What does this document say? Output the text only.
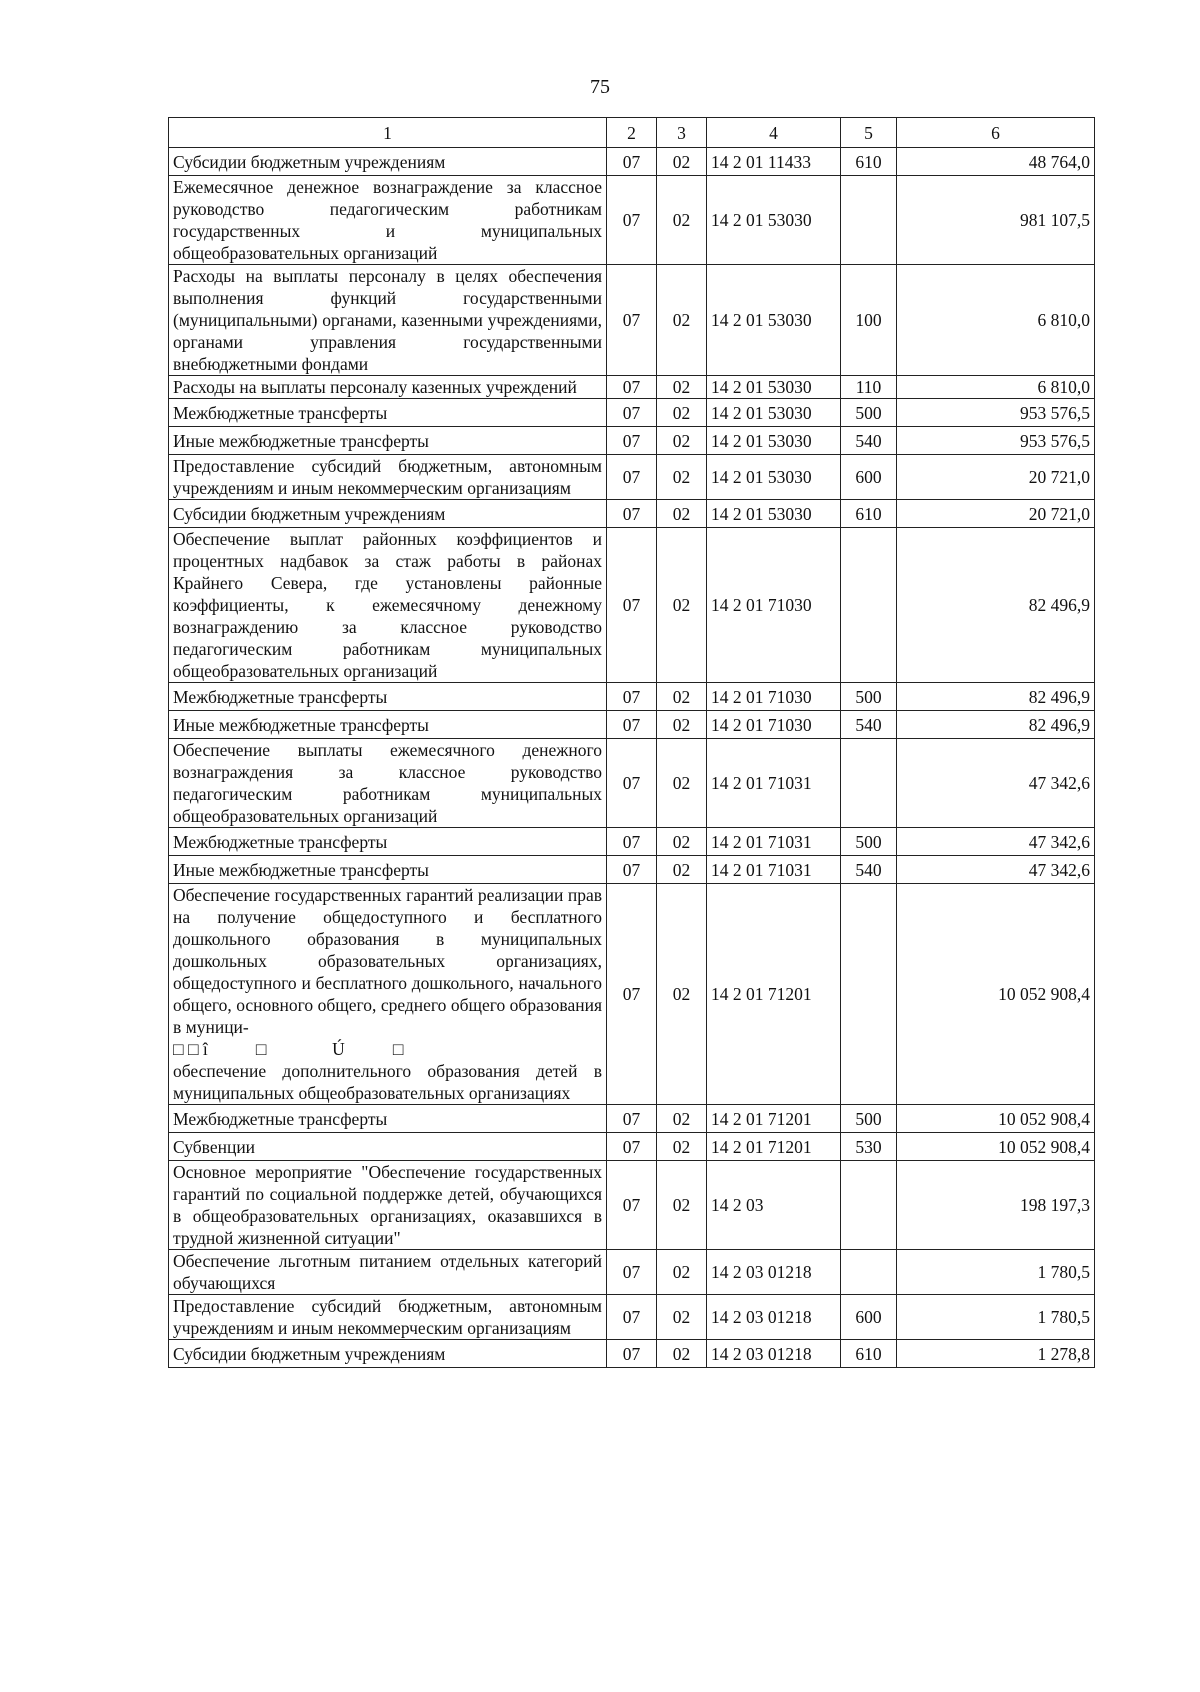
75
1	2	3	4	5	6
Субсидии бюджетным учреждениям	07	02	14 2 01 11433	610	48 764,0
Ежемесячное денежное вознаграждение за классное руководство педагогическим работникам государственных и муниципальных общеобразовательных организаций	07	02	14 2 01 53030		981 107,5
Расходы на выплаты персоналу в целях обеспечения выполнения функций государственными (муниципальными) органами, казенными учреждениями, органами управления государственными внебюджетными фондами	07	02	14 2 01 53030	100	6 810,0
Расходы на выплаты персоналу казенных учреждений	07	02	14 2 01 53030	110	6 810,0
Межбюджетные трансферты	07	02	14 2 01 53030	500	953 576,5
Иные межбюджетные трансферты	07	02	14 2 01 53030	540	953 576,5
Предоставление субсидий бюджетным, автономным учреждениям и иным некоммерческим организациям	07	02	14 2 01 53030	600	20 721,0
Субсидии бюджетным учреждениям	07	02	14 2 01 53030	610	20 721,0
Обеспечение выплат районных коэффициентов и процентных надбавок за стаж работы в районах Крайнего Севера, где установлены районные коэффициенты, к ежемесячному денежному вознаграждению за классное руководство педагогическим работникам муниципальных общеобразовательных организаций	07	02	14 2 01 71030		82 496,9
Межбюджетные трансферты	07	02	14 2 01 71030	500	82 496,9
Иные межбюджетные трансферты	07	02	14 2 01 71030	540	82 496,9
Обеспечение выплаты ежемесячного денежного вознаграждения за классное руководство педагогическим работникам муниципальных общеобразовательных организаций	07	02	14 2 01 71031		47 342,6
Межбюджетные трансферты	07	02	14 2 01 71031	500	47 342,6
Иные межбюджетные трансферты	07	02	14 2 01 71031	540	47 342,6
Обеспечение государственных гарантий реализации прав на получение общедоступного и бесплатного дошкольного образования в муниципальных дошкольных образовательных организациях, общедоступного и бесплатного дошкольного, начального общего, основного общего, среднего общего образования в муници-
□ □ î           □               Ú           □
обеспечение дополнительного образования детей в муниципальных общеобразовательных организациях	07	02	14 2 01 71201		10 052 908,4
Межбюджетные трансферты	07	02	14 2 01 71201	500	10 052 908,4
Субвенции	07	02	14 2 01 71201	530	10 052 908,4
Основное мероприятие "Обеспечение государственных гарантий по социальной поддержке детей, обучающихся в общеобразовательных организациях, оказавшихся в трудной жизненной ситуации"	07	02	14 2 03		198 197,3
Обеспечение льготным питанием отдельных категорий обучающихся	07	02	14 2 03 01218		1 780,5
Предоставление субсидий бюджетным, автономным учреждениям и иным некоммерческим организациям	07	02	14 2 03 01218	600	1 780,5
Субсидии бюджетным учреждениям	07	02	14 2 03 01218	610	1 278,8
